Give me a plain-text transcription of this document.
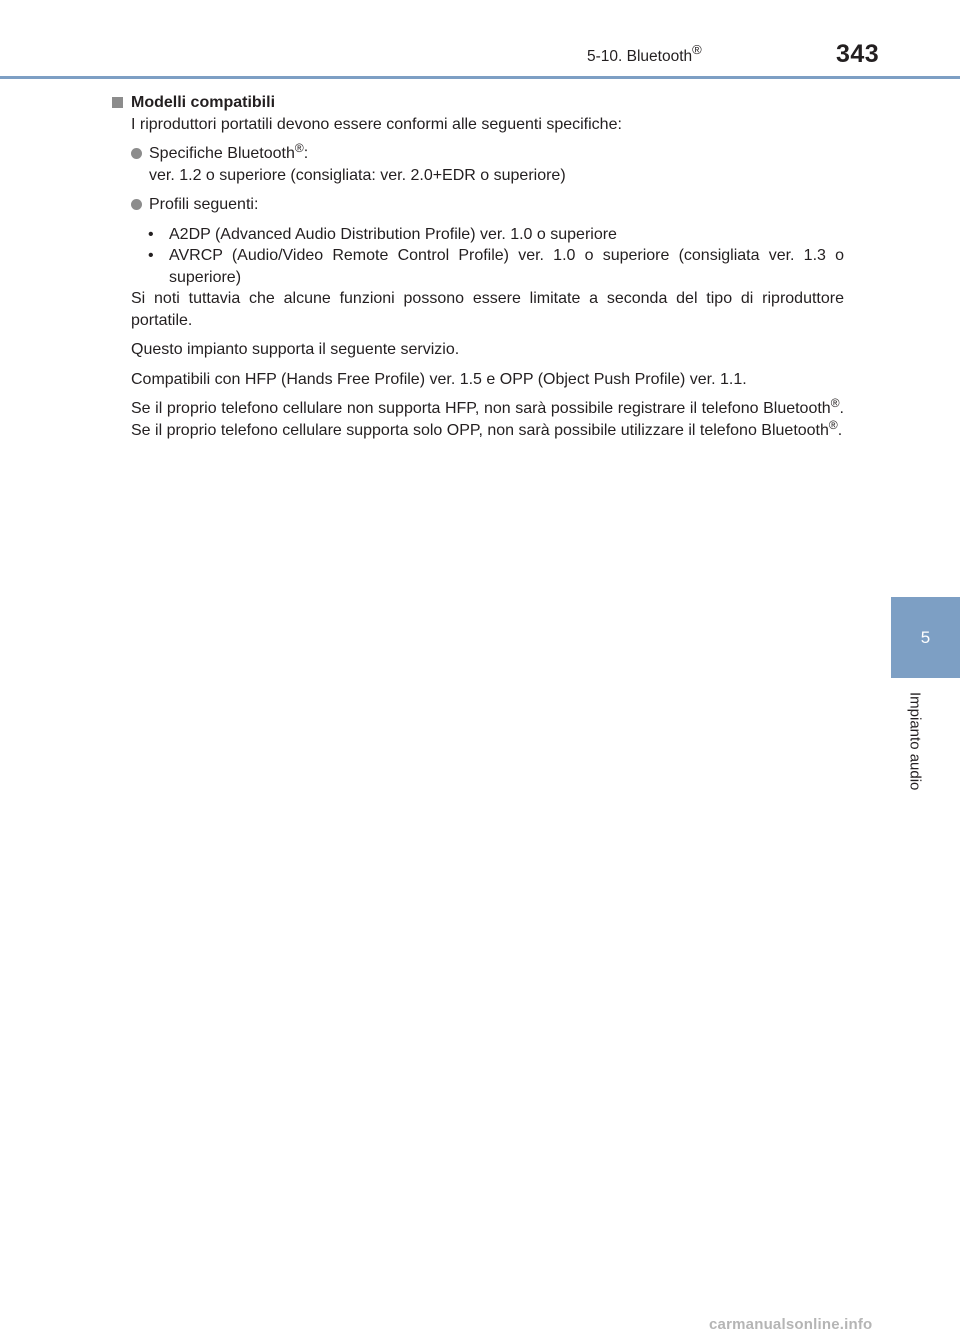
5-10. Bluetooth®	343
5
Impianto audio

Modelli compatibili

I riproduttori portatili devono essere conformi alle seguenti specifiche:

Specifiche Bluetooth®:

ver. 1.2 o superiore (consigliata: ver. 2.0+EDR o superiore)

Profili seguenti:

• A2DP (Advanced Audio Distribution Profile) ver. 1.0 o superiore

• AVRCP (Audio/Video Remote Control Profile) ver. 1.0 o superiore (consigliata ver. 1.3 o superiore)

Si noti tuttavia che alcune funzioni possono essere limitate a seconda del tipo di riproduttore portatile.

Questo impianto supporta il seguente servizio.

Compatibili con HFP (Hands Free Profile) ver. 1.5 e OPP (Object Push Profile) ver. 1.1.

Se il proprio telefono cellulare non supporta HFP, non sarà possibile registrare il telefono Bluetooth®. Se il proprio telefono cellulare supporta solo OPP, non sarà possibile utilizzare il telefono Bluetooth®.

carmanualsonline.info
